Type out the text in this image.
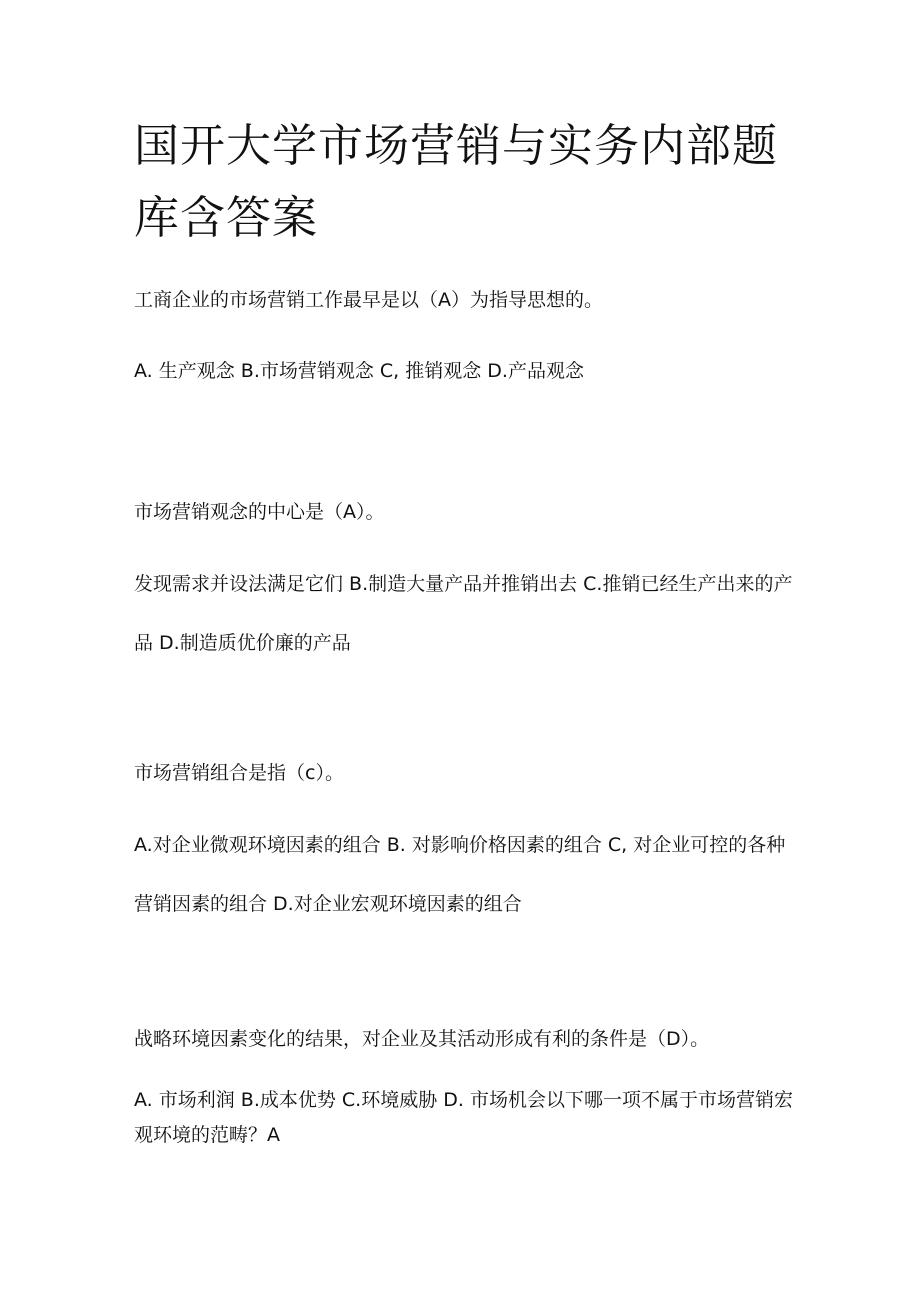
国开大学市场营销与实务内部题库含答案

工商企业的市场营销工作最早是以（A）为指导思想的。

A. 生产观念 B.市场营销观念 C, 推销观念 D.产品观念

市场营销观念的中心是（A）。

发现需求并设法满足它们 B.制造大量产品并推销出去 C.推销已经生产出来的产品 D.制造质优价廉的产品

市场营销组合是指（c）。

A.对企业微观环境因素的组合 B. 对影响价格因素的组合 C, 对企业可控的各种营销因素的组合 D.对企业宏观环境因素的组合

战略环境因素变化的结果，对企业及其活动形成有利的条件是（D）。

A. 市场利润 B.成本优势 C.环境威胁 D. 市场机会以下哪一项不属于市场营销宏观环境的范畴？A
